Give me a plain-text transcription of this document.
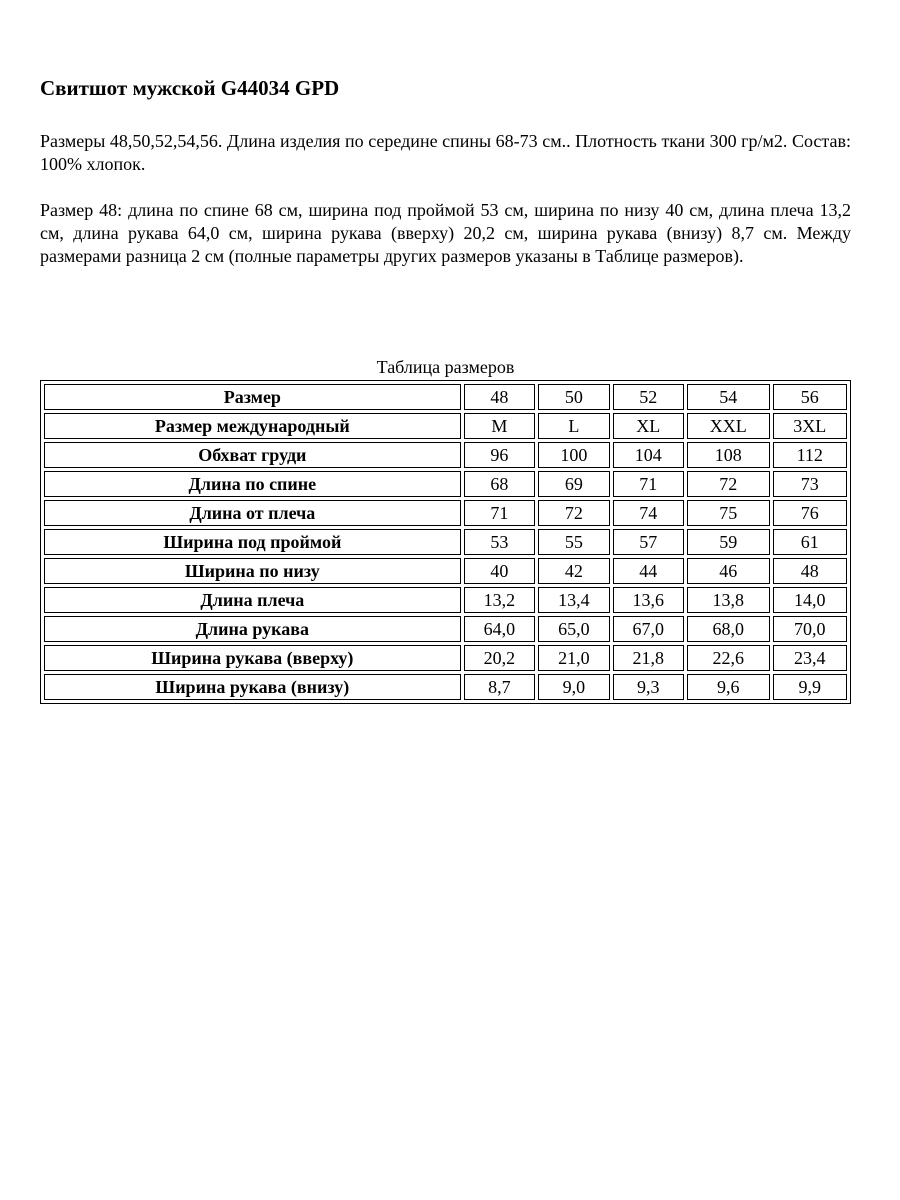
Свитшот мужской G44034 GPD

Размеры 48,50,52,54,56. Длина изделия по середине спины 68-73 см.. Плотность ткани 300 гр/м2. Состав: 100% хлопок.

Размер 48: длина по спине 68 см, ширина под проймой 53 см, ширина по низу 40 см, длина плеча 13,2 см, длина рукава 64,0 см, ширина рукава (вверху) 20,2 см, ширина рукава (внизу) 8,7 см. Между размерами разница 2 см (полные параметры других размеров указаны в Таблице размеров).

Таблица размеров
Размер	48	50	52	54	56
Размер международный	M	L	XL	XXL	3XL
Обхват груди	96	100	104	108	112
Длина по спине	68	69	71	72	73
Длина от плеча	71	72	74	75	76
Ширина под проймой	53	55	57	59	61
Ширина по низу	40	42	44	46	48
Длина плеча	13,2	13,4	13,6	13,8	14,0
Длина рукава	64,0	65,0	67,0	68,0	70,0
Ширина рукава (вверху)	20,2	21,0	21,8	22,6	23,4
Ширина рукава (внизу)	8,7	9,0	9,3	9,6	9,9
